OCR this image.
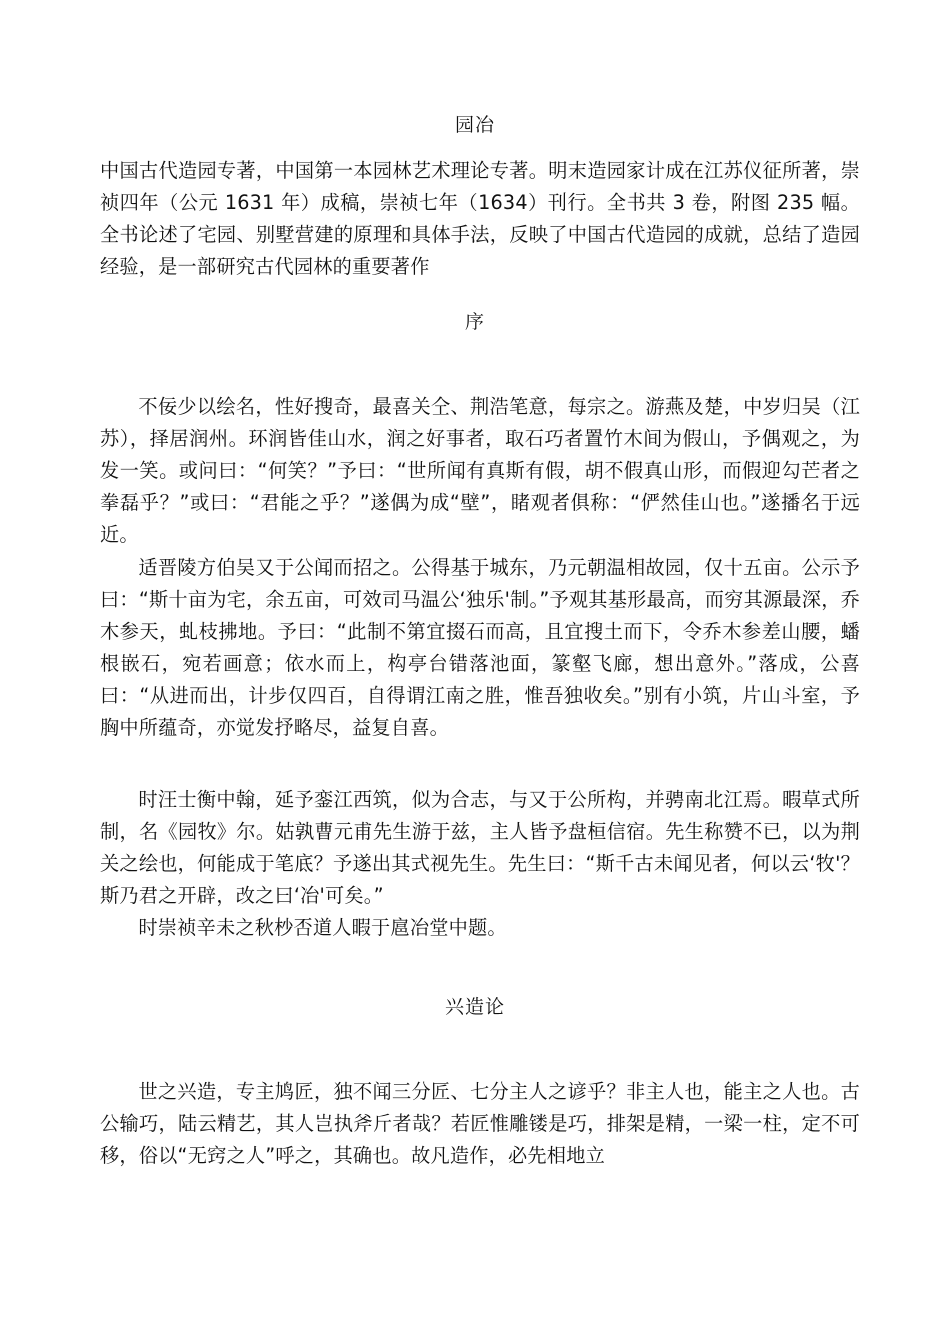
园冶

中国古代造园专著，中国第一本园林艺术理论专著。明末造园家计成在江苏仪征所著，崇祯四年（公元 1631 年）成稿，崇祯七年（1634）刊行。全书共 3 卷，附图 235 幅。全书论述了宅园、别墅营建的原理和具体手法，反映了中国古代造园的成就，总结了造园经验，是一部研究古代园林的重要著作

序

不佞少以绘名，性好搜奇，最喜关仝、荆浩笔意，每宗之。游燕及楚，中岁归吴（江苏），择居润州。环润皆佳山水，润之好事者，取石巧者置竹木间为假山，予偶观之，为发一笑。或问曰：“何笑？”予曰：“世所闻有真斯有假，胡不假真山形，而假迎勾芒者之拳磊乎？”或曰：“君能之乎？”遂偶为成“壁”，睹观者俱称：“俨然佳山也。”遂播名于远近。

适晋陵方伯吴又于公闻而招之。公得基于城东，乃元朝温相故园，仅十五亩。公示予曰：“斯十亩为宅，余五亩，可效司马温公‘独乐'制。”予观其基形最高，而穷其源最深，乔木参天，虬枝拂地。予曰：“此制不第宜掇石而高，且宜搜土而下，令乔木参差山腰，蟠根嵌石，宛若画意；依水而上，构亭台错落池面，篆壑飞廊，想出意外。”落成，公喜曰：“从进而出，计步仅四百，自得谓江南之胜，惟吾独收矣。”别有小筑，片山斗室，予胸中所蕴奇，亦觉发抒略尽，益复自喜。

时汪士衡中翰，延予銮江西筑，似为合志，与又于公所构，并骋南北江焉。暇草式所制，名《园牧》尔。姑孰曹元甫先生游于兹，主人皆予盘桓信宿。先生称赞不已，以为荆关之绘也，何能成于笔底？予遂出其式视先生。先生曰：“斯千古未闻见者，何以云‘牧'？斯乃君之开辟，改之曰‘冶'可矣。”

时崇祯辛未之秋杪否道人暇于扈冶堂中题。

兴造论

世之兴造，专主鸠匠，独不闻三分匠、七分主人之谚乎？非主人也，能主之人也。古公输巧，陆云精艺，其人岂执斧斤者哉？若匠惟雕镂是巧，排架是精，一梁一柱，定不可移，俗以“无窍之人”呼之，其确也。故凡造作，必先相地立
